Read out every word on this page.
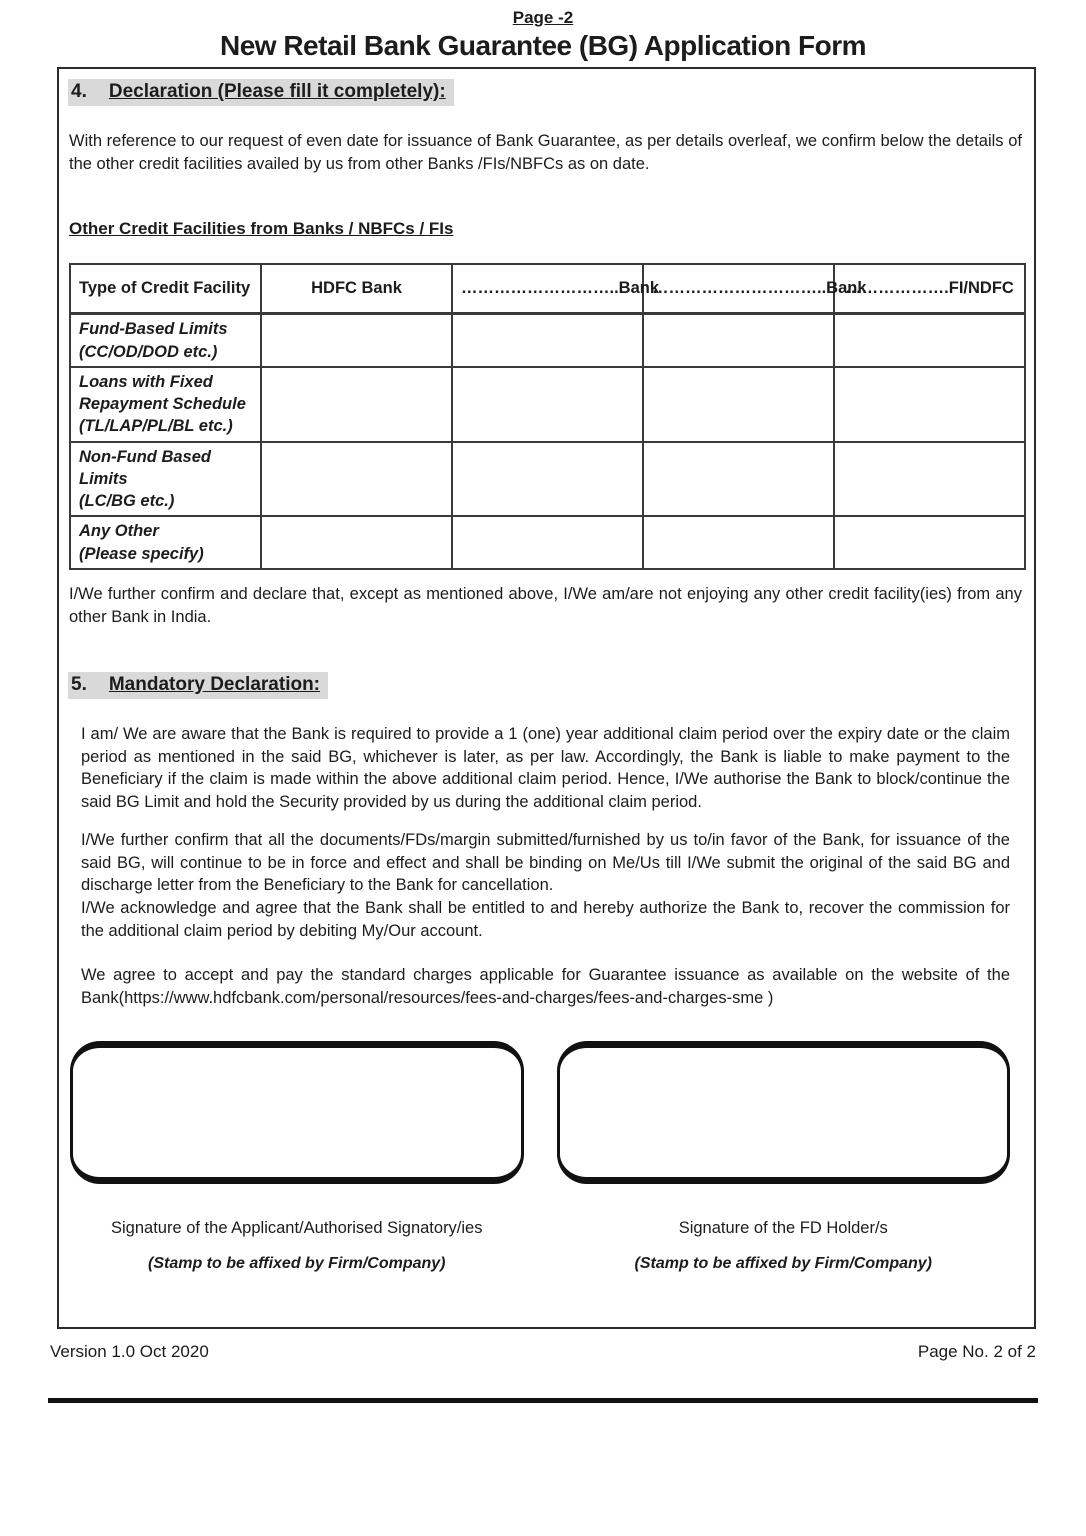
Page -2
New Retail Bank Guarantee (BG) Application Form
4. Declaration (Please fill it completely):

With reference to our request of even date for issuance of Bank Guarantee, as per details overleaf, we confirm below the details of the other credit facilities availed by us from other Banks /FIs/NBFCs as on date.

Other Credit Facilities from Banks / NBFCs / FIs
Type of Credit Facility	HDFC Bank	………………………..Bank	…………………………..Bank	……………….FI/NDFC

Fund-Based Limits
(CC/OD/DOD etc.)				

Loans with Fixed
Repayment Schedule
(TL/LAP/PL/BL etc.)				

Non-Fund Based Limits
(LC/BG etc.)				

Any Other
(Please specify)				

I/We further confirm and declare that, except as mentioned above, I/We am/are not enjoying any other credit facility(ies) from any other Bank in India.

5. Mandatory Declaration:

I am/ We are aware that the Bank is required to provide a 1 (one) year additional claim period over the expiry date or the claim period as mentioned in the said BG, whichever is later, as per law. Accordingly, the Bank is liable to make payment to the Beneficiary if the claim is made within the above additional claim period. Hence, I/We authorise the Bank to block/continue the said BG Limit and hold the Security provided by us during the additional claim period.

I/We further confirm that all the documents/FDs/margin submitted/furnished by us to/in favor of the Bank, for issuance of the said BG, will continue to be in force and effect and shall be binding on Me/Us till I/We submit the original of the said BG and discharge letter from the Beneficiary to the Bank for cancellation.

I/We acknowledge and agree that the Bank shall be entitled to and hereby authorize the Bank to, recover the commission for the additional claim period by debiting My/Our account.

We agree to accept and pay the standard charges applicable for Guarantee issuance as available on the website of the Bank(https://www.hdfcbank.com/personal/resources/fees-and-charges/fees-and-charges-sme )

Signature of the Applicant/Authorised Signatory/ies
(Stamp to be affixed by Firm/Company)
Signature of the FD Holder/s
(Stamp to be affixed by Firm/Company)
Version 1.0 Oct 2020	Page No. 2 of 2
